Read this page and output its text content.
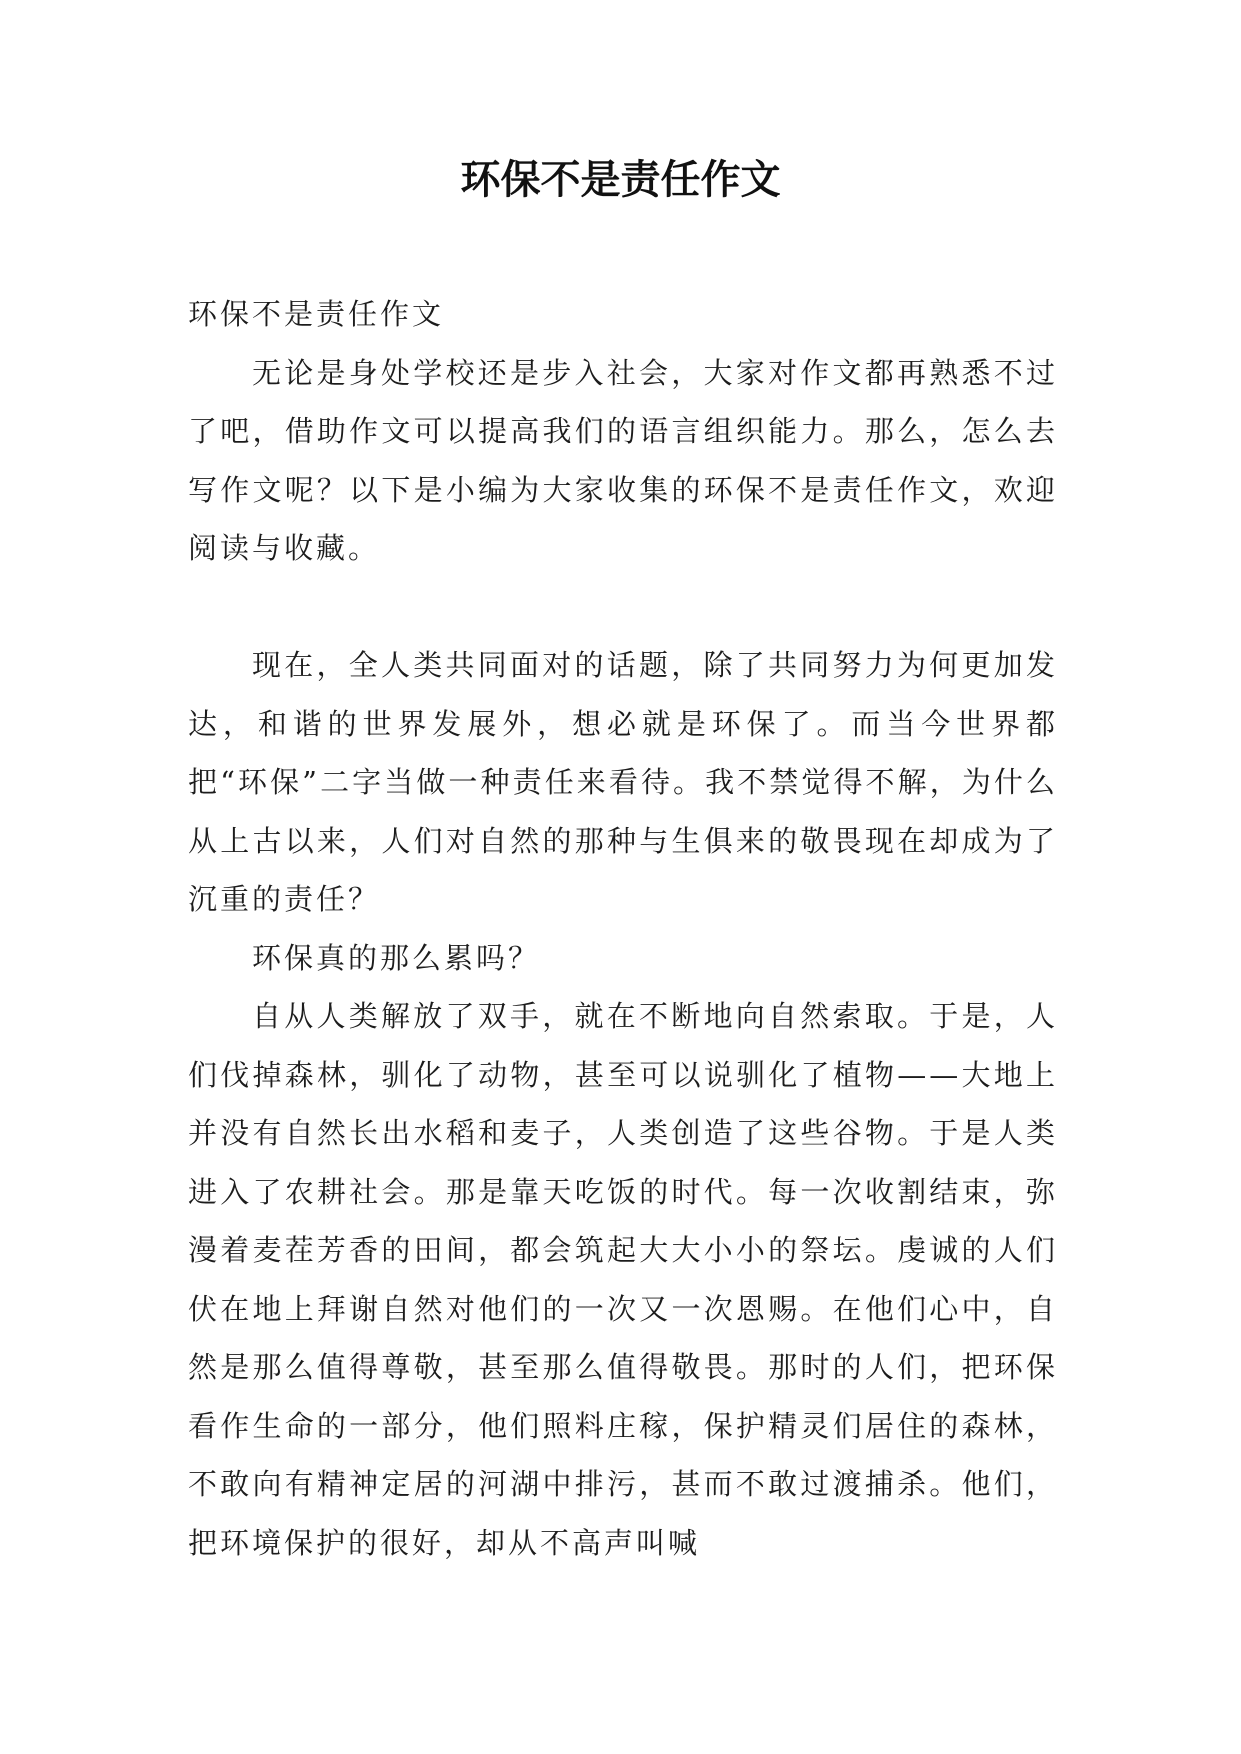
环保不是责任作文

环保不是责任作文

无论是身处学校还是步入社会，大家对作文都再熟悉不过了吧，借助作文可以提高我们的语言组织能力。那么，怎么去写作文呢？以下是小编为大家收集的环保不是责任作文，欢迎阅读与收藏。

现在，全人类共同面对的话题，除了共同努力为何更加发达，和谐的世界发展外，想必就是环保了。而当今世界都把“环保”二字当做一种责任来看待。我不禁觉得不解，为什么从上古以来，人们对自然的那种与生俱来的敬畏现在却成为了沉重的责任？

环保真的那么累吗？

自从人类解放了双手，就在不断地向自然索取。于是，人们伐掉森林，驯化了动物，甚至可以说驯化了植物——大地上并没有自然长出水稻和麦子，人类创造了这些谷物。于是人类进入了农耕社会。那是靠天吃饭的时代。每一次收割结束，弥漫着麦茬芳香的田间，都会筑起大大小小的祭坛。虔诚的人们伏在地上拜谢自然对他们的一次又一次恩赐。在他们心中，自然是那么值得尊敬，甚至那么值得敬畏。那时的人们，把环保看作生命的一部分，他们照料庄稼，保护精灵们居住的森林，不敢向有精神定居的河湖中排污，甚而不敢过渡捕杀。他们，把环境保护的很好，却从不高声叫喊
